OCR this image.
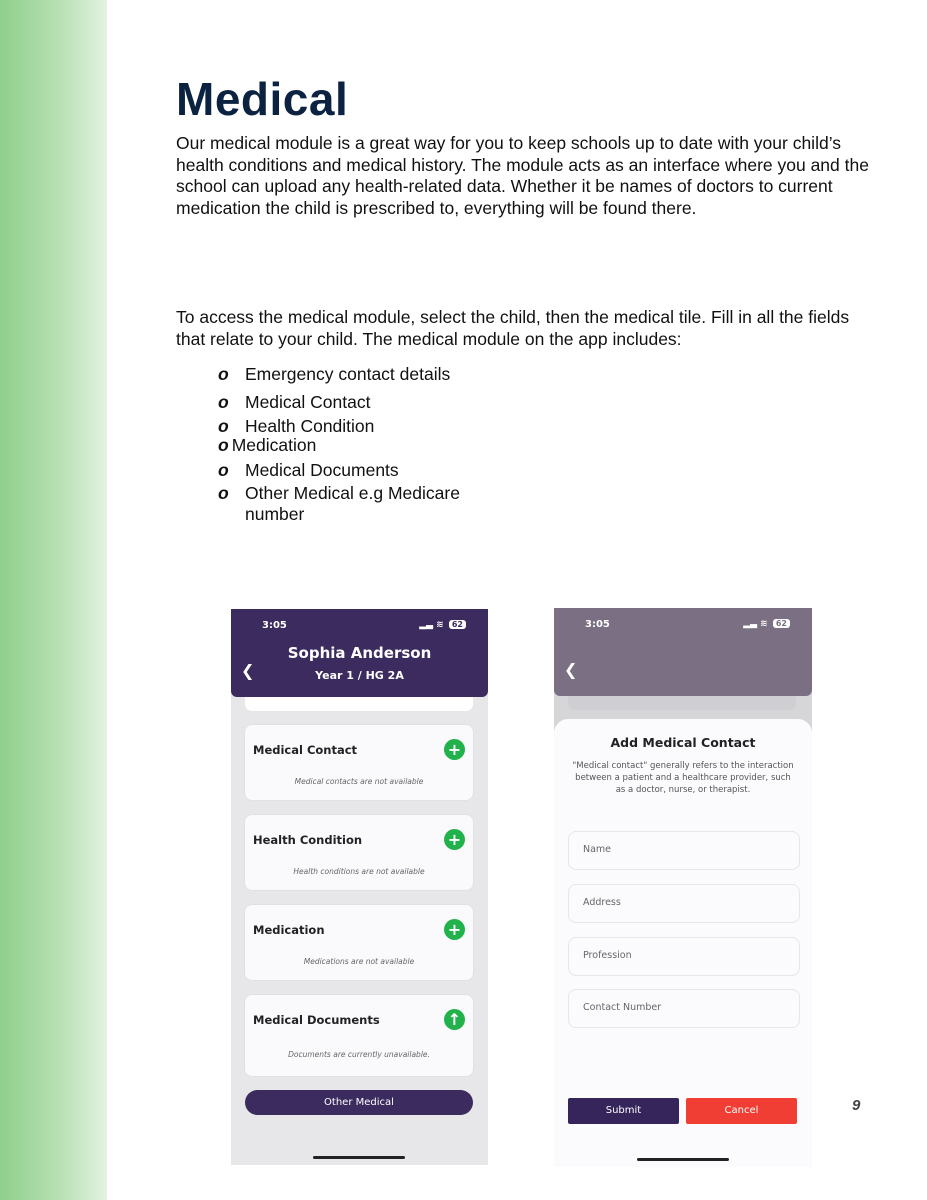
Medical

Our medical module is a great way for you to keep schools up to date with your child’s health conditions and medical history. The module acts as an interface where you and the school can upload any health-related data. Whether it be names of doctors to current medication the child is prescribed to, everything will be found there.

To access the medical module, select the child, then the medical tile. Fill in all the fields that relate to your child. The medical module on the app includes:

o Emergency contact details
o Medical Contact
o Health Condition
o Medication
o Medical Documents
o Other Medical e.g Medicare number
3:05	▂▃ ≋ 62
❮
Sophia Anderson
Year 1 / HG 2A
Medical Contact	+
Medical contacts are not available
Health Condition	+
Health conditions are not available
Medication	+
Medications are not available
Medical Documents	↑
Documents are currently unavailable.
Other Medical
3:05	▂▃ ≋ 62
❮
Add Medical Contact
"Medical contact" generally refers to the interaction between a patient and a healthcare provider, such as a doctor, nurse, or therapist.
Name
Address
Profession
Contact Number
Submit	Cancel	9
